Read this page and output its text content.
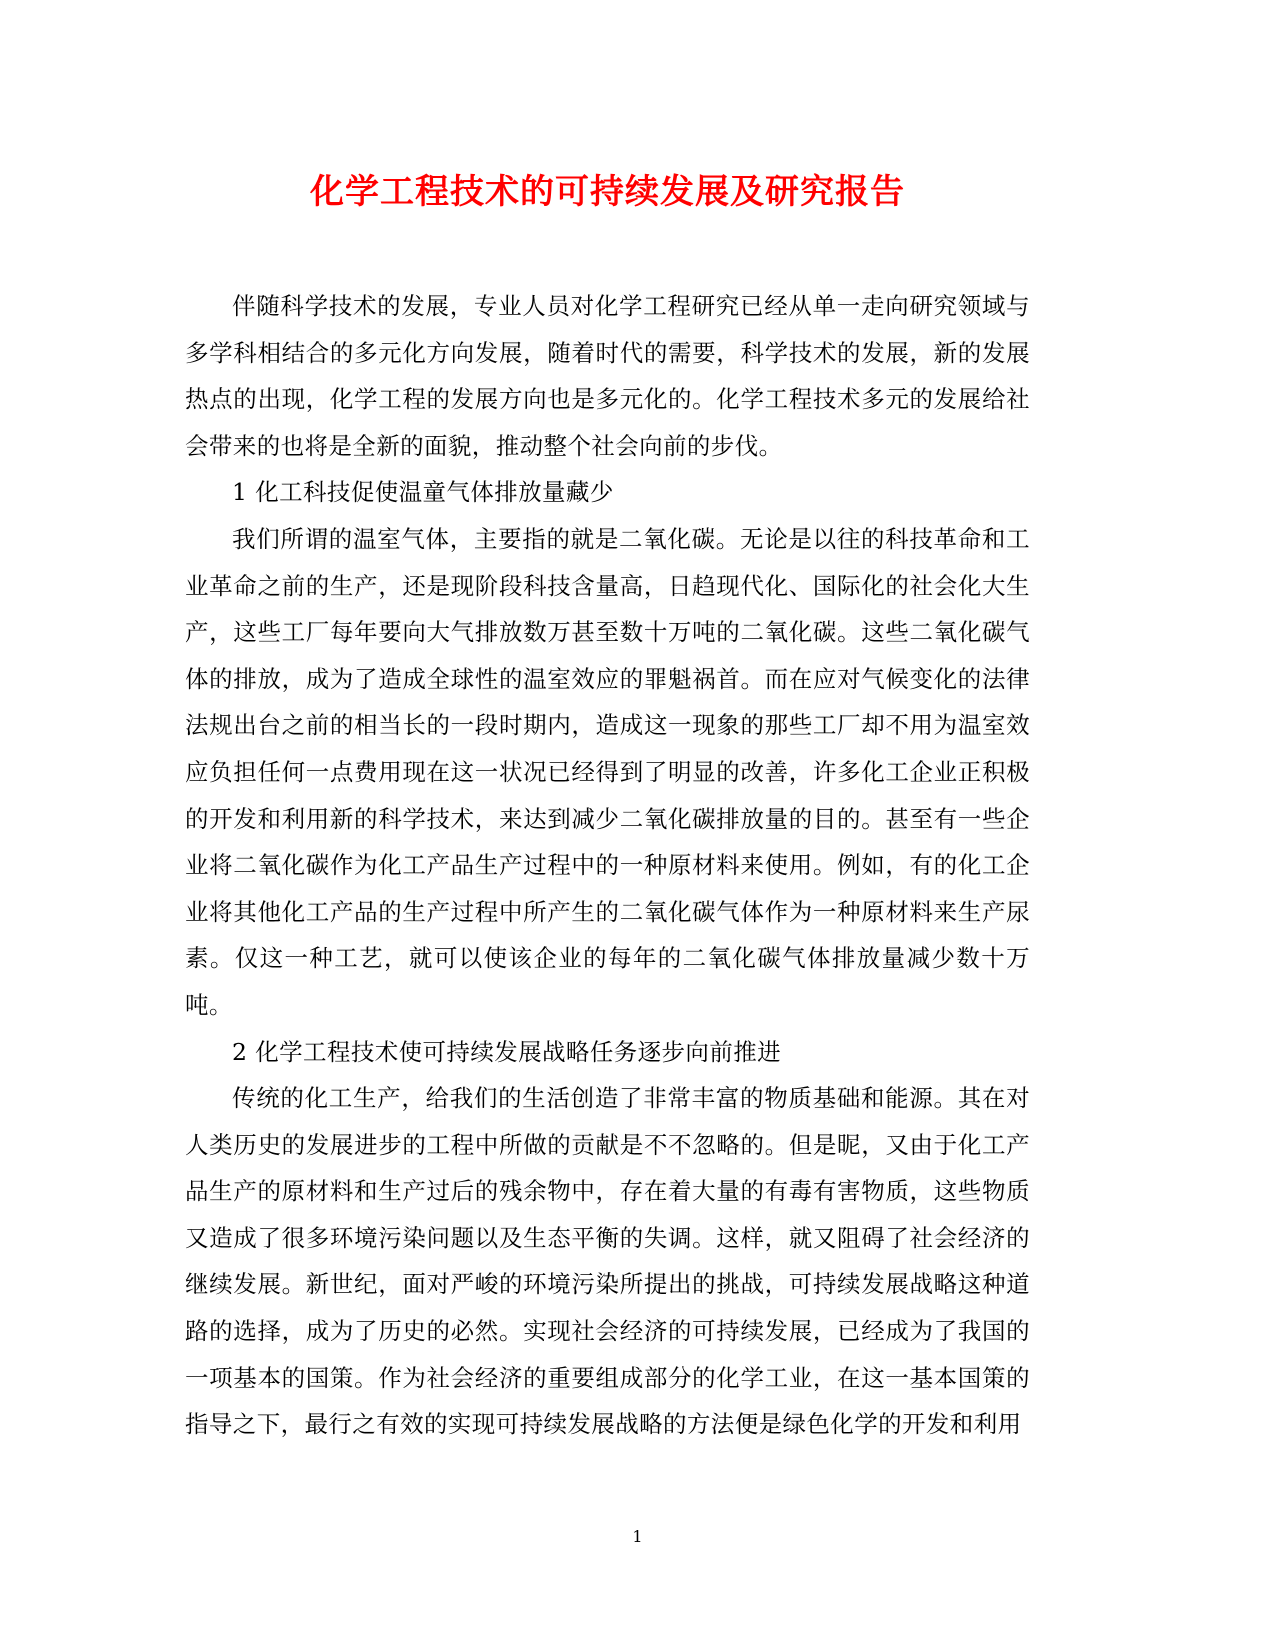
化学工程技术的可持续发展及研究报告

伴随科学技术的发展，专业人员对化学工程研究已经从单一走向研究领域与多学科相结合的多元化方向发展，随着时代的需要，科学技术的发展，新的发展热点的出现，化学工程的发展方向也是多元化的。化学工程技术多元的发展给社会带来的也将是全新的面貌，推动整个社会向前的步伐。

1 化工科技促使温童气体排放量藏少

我们所谓的温室气体，主要指的就是二氧化碳。无论是以往的科技革命和工业革命之前的生产，还是现阶段科技含量高，日趋现代化、国际化的社会化大生产，这些工厂每年要向大气排放数万甚至数十万吨的二氧化碳。这些二氧化碳气体的排放，成为了造成全球性的温室效应的罪魁祸首。而在应对气候变化的法律法规出台之前的相当长的一段时期内，造成这一现象的那些工厂却不用为温室效应负担任何一点费用现在这一状况已经得到了明显的改善，许多化工企业正积极的开发和利用新的科学技术，来达到减少二氧化碳排放量的目的。甚至有一些企业将二氧化碳作为化工产品生产过程中的一种原材料来使用。例如，有的化工企业将其他化工产品的生产过程中所产生的二氧化碳气体作为一种原材料来生产尿素。仅这一种工艺，就可以使该企业的每年的二氧化碳气体排放量减少数十万吨。

2 化学工程技术使可持续发展战略任务逐步向前推进

传统的化工生产，给我们的生活创造了非常丰富的物质基础和能源。其在对人类历史的发展进步的工程中所做的贡献是不不忽略的。但是昵，又由于化工产品生产的原材料和生产过后的残余物中，存在着大量的有毒有害物质，这些物质又造成了很多环境污染问题以及生态平衡的失调。这样，就又阻碍了社会经济的继续发展。新世纪，面对严峻的环境污染所提出的挑战，可持续发展战略这种道路的选择，成为了历史的必然。实现社会经济的可持续发展，已经成为了我国的一项基本的国策。作为社会经济的重要组成部分的化学工业，在这一基本国策的指导之下，最行之有效的实现可持续发展战略的方法便是绿色化学的开发和利用

1
